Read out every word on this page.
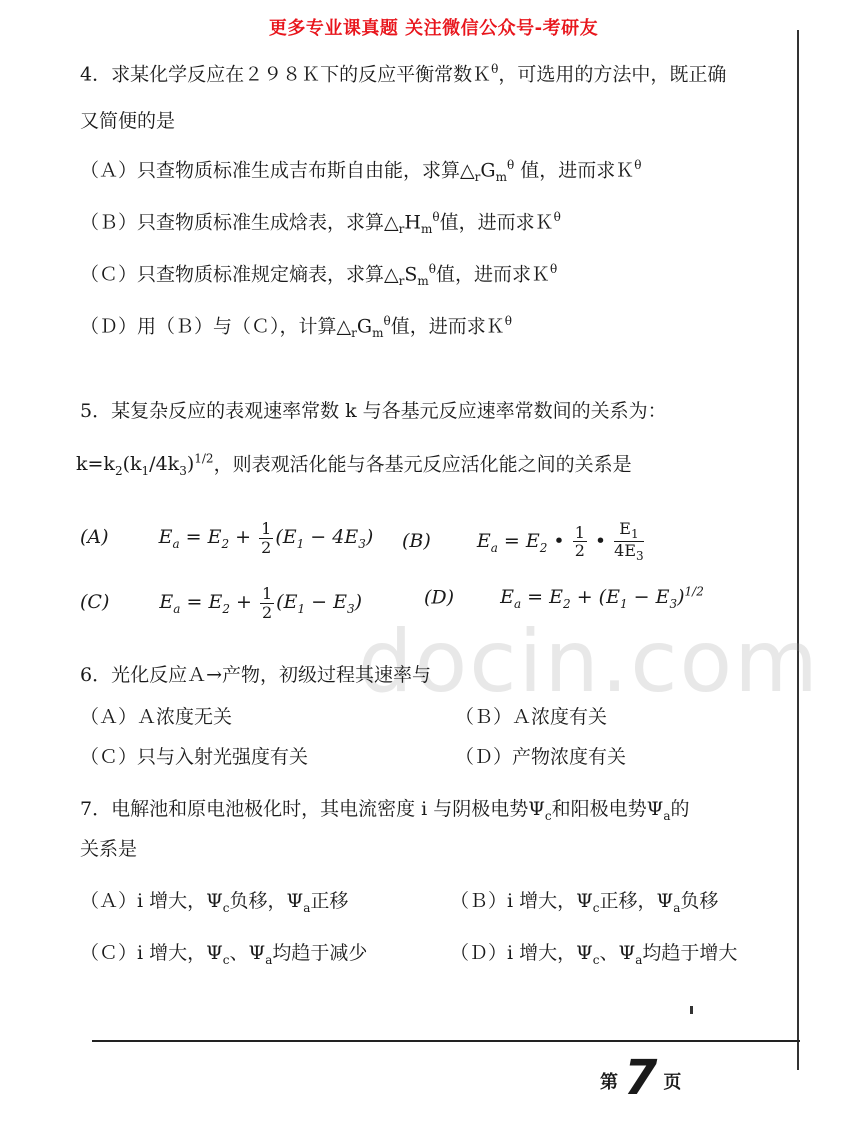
更多专业课真题 关注微信公众号-考研友
docin.com
4．求某化学反应在２９８Ｋ下的反应平衡常数Ｋ$^\theta$，可选用的方法中，既正确
又简便的是
（Ａ）只查物质标准生成吉布斯自由能，求算$\triangle_rG_m^\theta$ 值，进而求Ｋ$^\theta$
（Ｂ）只查物质标准生成焓表，求算$\triangle_rH_m^\theta$值，进而求Ｋ$^\theta$
（Ｃ）只查物质标准规定熵表，求算$\triangle_rS_m^\theta$值，进而求Ｋ$^\theta$
（Ｄ）用（Ｂ）与（Ｃ），计算$\triangle_rG_m^\theta$值，进而求Ｋ$^\theta$
5．某复杂反应的表观速率常数 k 与各基元反应速率常数间的关系为：
$k=k_2(k_1/4k_3)^{1/2}$，则表观活化能与各基元反应活化能之间的关系是
(A)	$E_a = E_2 + \frac{1}{2} (E_1 - 4E_3)$ (B) $E_a = E_2$ • $\frac{1}{2}$ • $\frac{E_1}{4E_3}$
(C)	$E_a = E_2 + \frac{1}{2} (E_1 - E_3)$	(D) $E_a = E_2 + (E_1 - E_3)^{1/2}$
6．光化反应Ａ→产物，初级过程其速率与
（Ａ）Ａ浓度无关	（Ｂ）Ａ浓度有关
（Ｃ）只与入射光强度有关	（Ｄ）产物浓度有关
7．电解池和原电池极化时，其电流密度 i 与阴极电势$\Psi_c$和阳极电势$\Psi_a$的
关系是
（Ａ）i 增大，$\Psi_c$负移，$\Psi_a$正移	（Ｂ）i 增大，$\Psi_c$正移，$\Psi_a$负移
（Ｃ）i 增大，$\Psi_c$、$\Psi_a$均趋于减少	（Ｄ）i 增大，$\Psi_c$、$\Psi_a$均趋于增大
第 7 页
